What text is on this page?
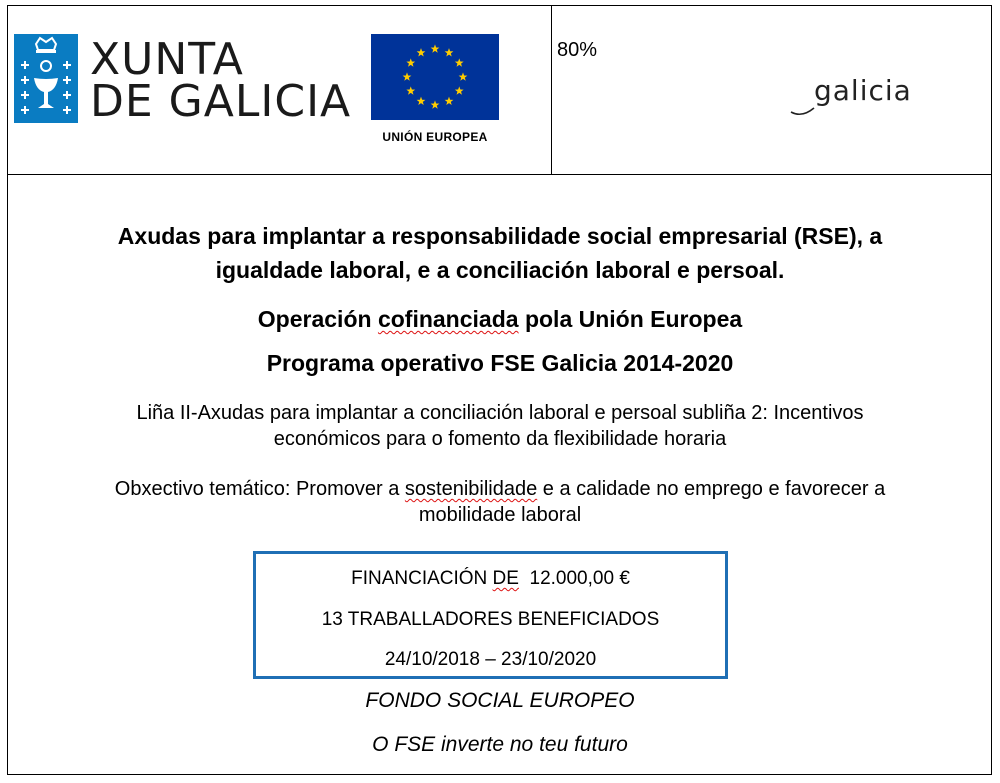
XUNTA
DE GALICIA
UNIÓN EUROPEA
80%
galicia
Axudas para implantar a responsabilidade social empresarial (RSE), a
igualdade laboral, e a conciliación laboral e persoal.
Operación cofinanciada pola Unión Europea
Programa operativo FSE Galicia 2014-2020
Liña II-Axudas para implantar a conciliación laboral e persoal subliña 2: Incentivos
económicos para o fomento da flexibilidade horaria
Obxectivo temático: Promover a sostenibilidade e a calidade no emprego e favorecer a
mobilidade laboral
FINANCIACIÓN DE  12.000,00 €
13 TRABALLADORES BENEFICIADOS
24/10/2018 – 23/10/2020
FONDO SOCIAL EUROPEO
O FSE inverte no teu futuro
